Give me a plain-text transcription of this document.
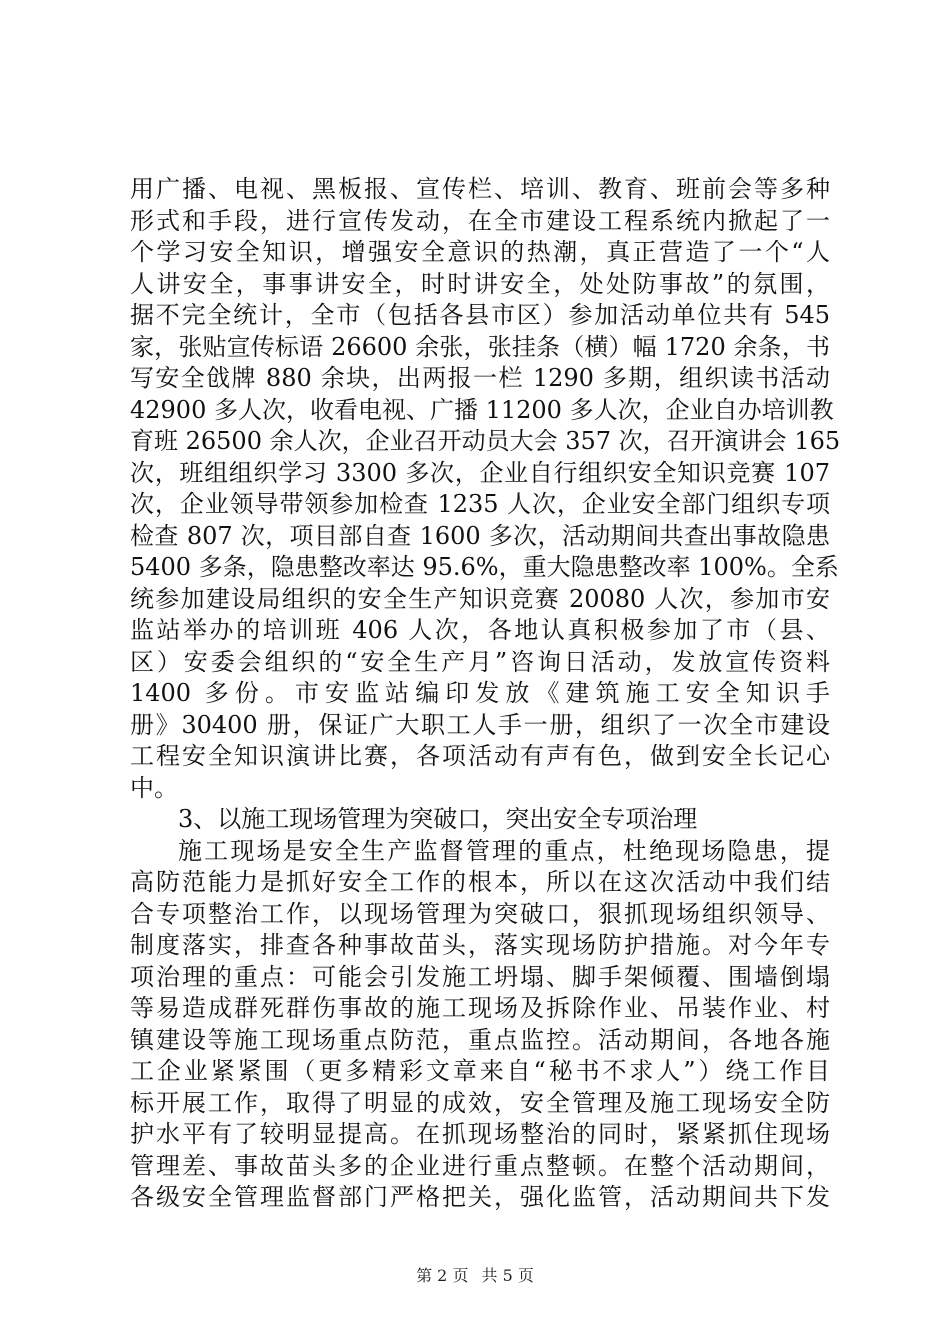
用广播、电视、黑板报、宣传栏、培训、教育、班前会等多种
形式和手段，进行宣传发动，在全市建设工程系统内掀起了一
个学习安全知识，增强安全意识的热潮，真正营造了一个“人
人讲安全，事事讲安全，时时讲安全，处处防事故”的氛围，
据不完全统计，全市（包括各县市区）参加活动单位共有 545
家，张贴宣传标语 26600 余张，张挂条（横）幅 1720 余条，书
写安全戗牌 880 余块，出两报一栏 1290 多期，组织读书活动
42900 多人次，收看电视、广播 11200 多人次，企业自办培训教
育班 26500 余人次，企业召开动员大会 357 次，召开演讲会 165
次，班组组织学习 3300 多次，企业自行组织安全知识竞赛 107
次，企业领导带领参加检查 1235 人次，企业安全部门组织专项
检查 807 次，项目部自查 1600 多次，活动期间共查出事故隐患
5400 多条，隐患整改率达 95.6%，重大隐患整改率 100%。全系
统参加建设局组织的安全生产知识竞赛 20080 人次，参加市安
监站举办的培训班 406 人次，各地认真积极参加了市（县、
区）安委会组织的“安全生产月”咨询日活动，发放宣传资料
1400 多份。市安监站编印发放《建筑施工安全知识手
册》30400 册，保证广大职工人手一册，组织了一次全市建设
工程安全知识演讲比赛，各项活动有声有色，做到安全长记心
中。
3、以施工现场管理为突破口，突出安全专项治理
施工现场是安全生产监督管理的重点，杜绝现场隐患，提
高防范能力是抓好安全工作的根本，所以在这次活动中我们结
合专项整治工作，以现场管理为突破口，狠抓现场组织领导、
制度落实，排查各种事故苗头，落实现场防护措施。对今年专
项治理的重点：可能会引发施工坍塌、脚手架倾覆、围墙倒塌
等易造成群死群伤事故的施工现场及拆除作业、吊装作业、村
镇建设等施工现场重点防范，重点监控。活动期间，各地各施
工企业紧紧围（更多精彩文章来自“秘书不求人”）绕工作目
标开展工作，取得了明显的成效，安全管理及施工现场安全防
护水平有了较明显提高。在抓现场整治的同时，紧紧抓住现场
管理差、事故苗头多的企业进行重点整顿。在整个活动期间，
各级安全管理监督部门严格把关，强化监管，活动期间共下发
第 2 页 共 5 页
